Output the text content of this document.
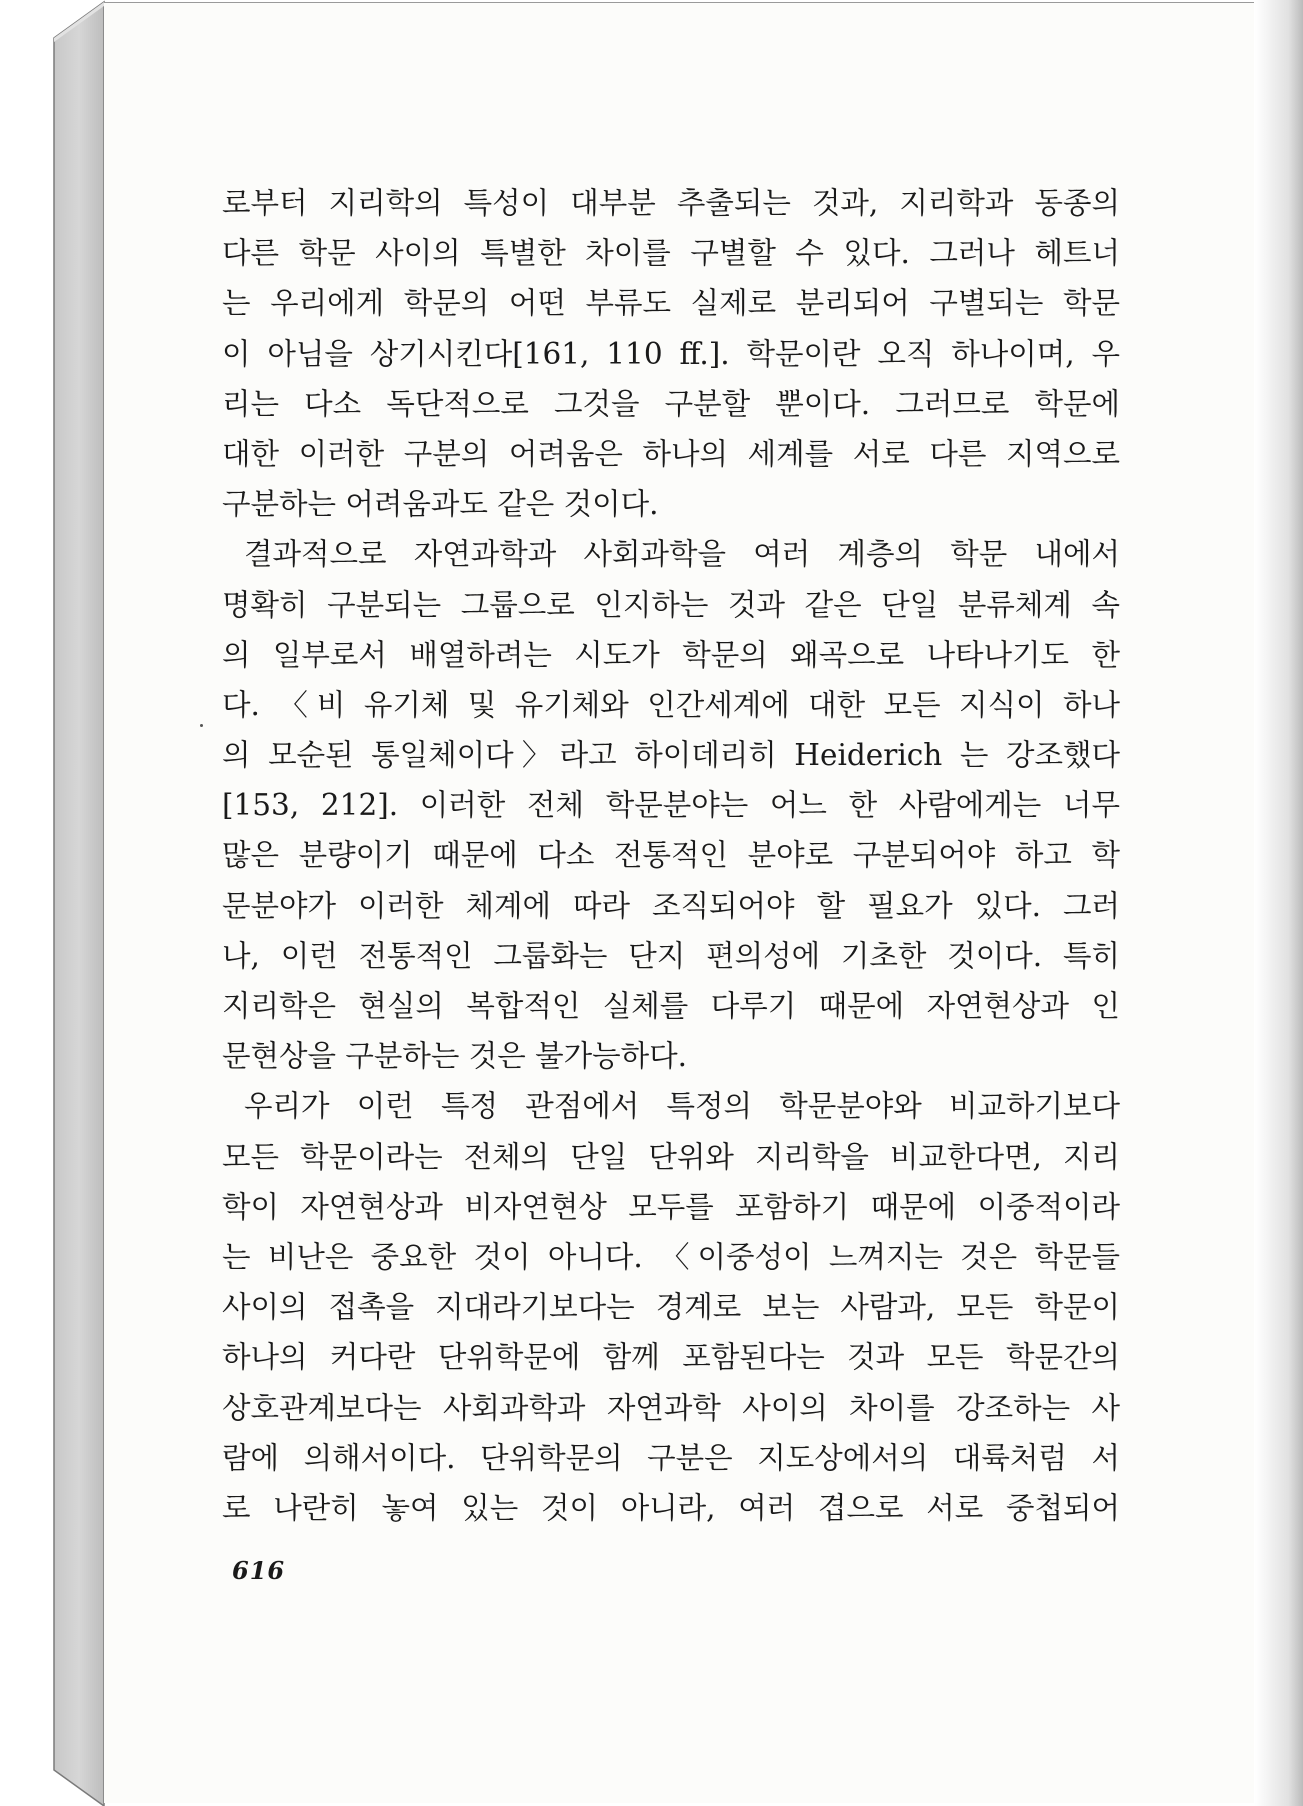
로부터 지리학의 특성이 대부분 추출되는 것과, 지리학과 동종의
다른 학문 사이의 특별한 차이를 구별할 수 있다. 그러나 헤트너
는 우리에게 학문의 어떤 부류도 실제로 분리되어 구별되는 학문
이 아님을 상기시킨다[161, 110 ff.]. 학문이란 오직 하나이며, 우
리는 다소 독단적으로 그것을 구분할 뿐이다. 그러므로 학문에
대한 이러한 구분의 어려움은 하나의 세계를 서로 다른 지역으로
구분하는 어려움과도 같은 것이다.
결과적으로 자연과학과 사회과학을 여러 계층의 학문 내에서
명확히 구분되는 그룹으로 인지하는 것과 같은 단일 분류체계 속
의 일부로서 배열하려는 시도가 학문의 왜곡으로 나타나기도 한
다. 〈비 유기체 및 유기체와 인간세계에 대한 모든 지식이 하나
의 모순된 통일체이다〉라고 하이데리히 Heiderich 는 강조했다
[153, 212]. 이러한 전체 학문분야는 어느 한 사람에게는 너무
많은 분량이기 때문에 다소 전통적인 분야로 구분되어야 하고 학
문분야가 이러한 체계에 따라 조직되어야 할 필요가 있다. 그러
나, 이런 전통적인 그룹화는 단지 편의성에 기초한 것이다. 특히
지리학은 현실의 복합적인 실체를 다루기 때문에 자연현상과 인
문현상을 구분하는 것은 불가능하다.
우리가 이런 특정 관점에서 특정의 학문분야와 비교하기보다
모든 학문이라는 전체의 단일 단위와 지리학을 비교한다면, 지리
학이 자연현상과 비자연현상 모두를 포함하기 때문에 이중적이라
는 비난은 중요한 것이 아니다. 〈이중성이 느껴지는 것은 학문들
사이의 접촉을 지대라기보다는 경계로 보는 사람과, 모든 학문이
하나의 커다란 단위학문에 함께 포함된다는 것과 모든 학문간의
상호관계보다는 사회과학과 자연과학 사이의 차이를 강조하는 사
람에 의해서이다. 단위학문의 구분은 지도상에서의 대륙처럼 서
로 나란히 놓여 있는 것이 아니라, 여러 겹으로 서로 중첩되어
616
